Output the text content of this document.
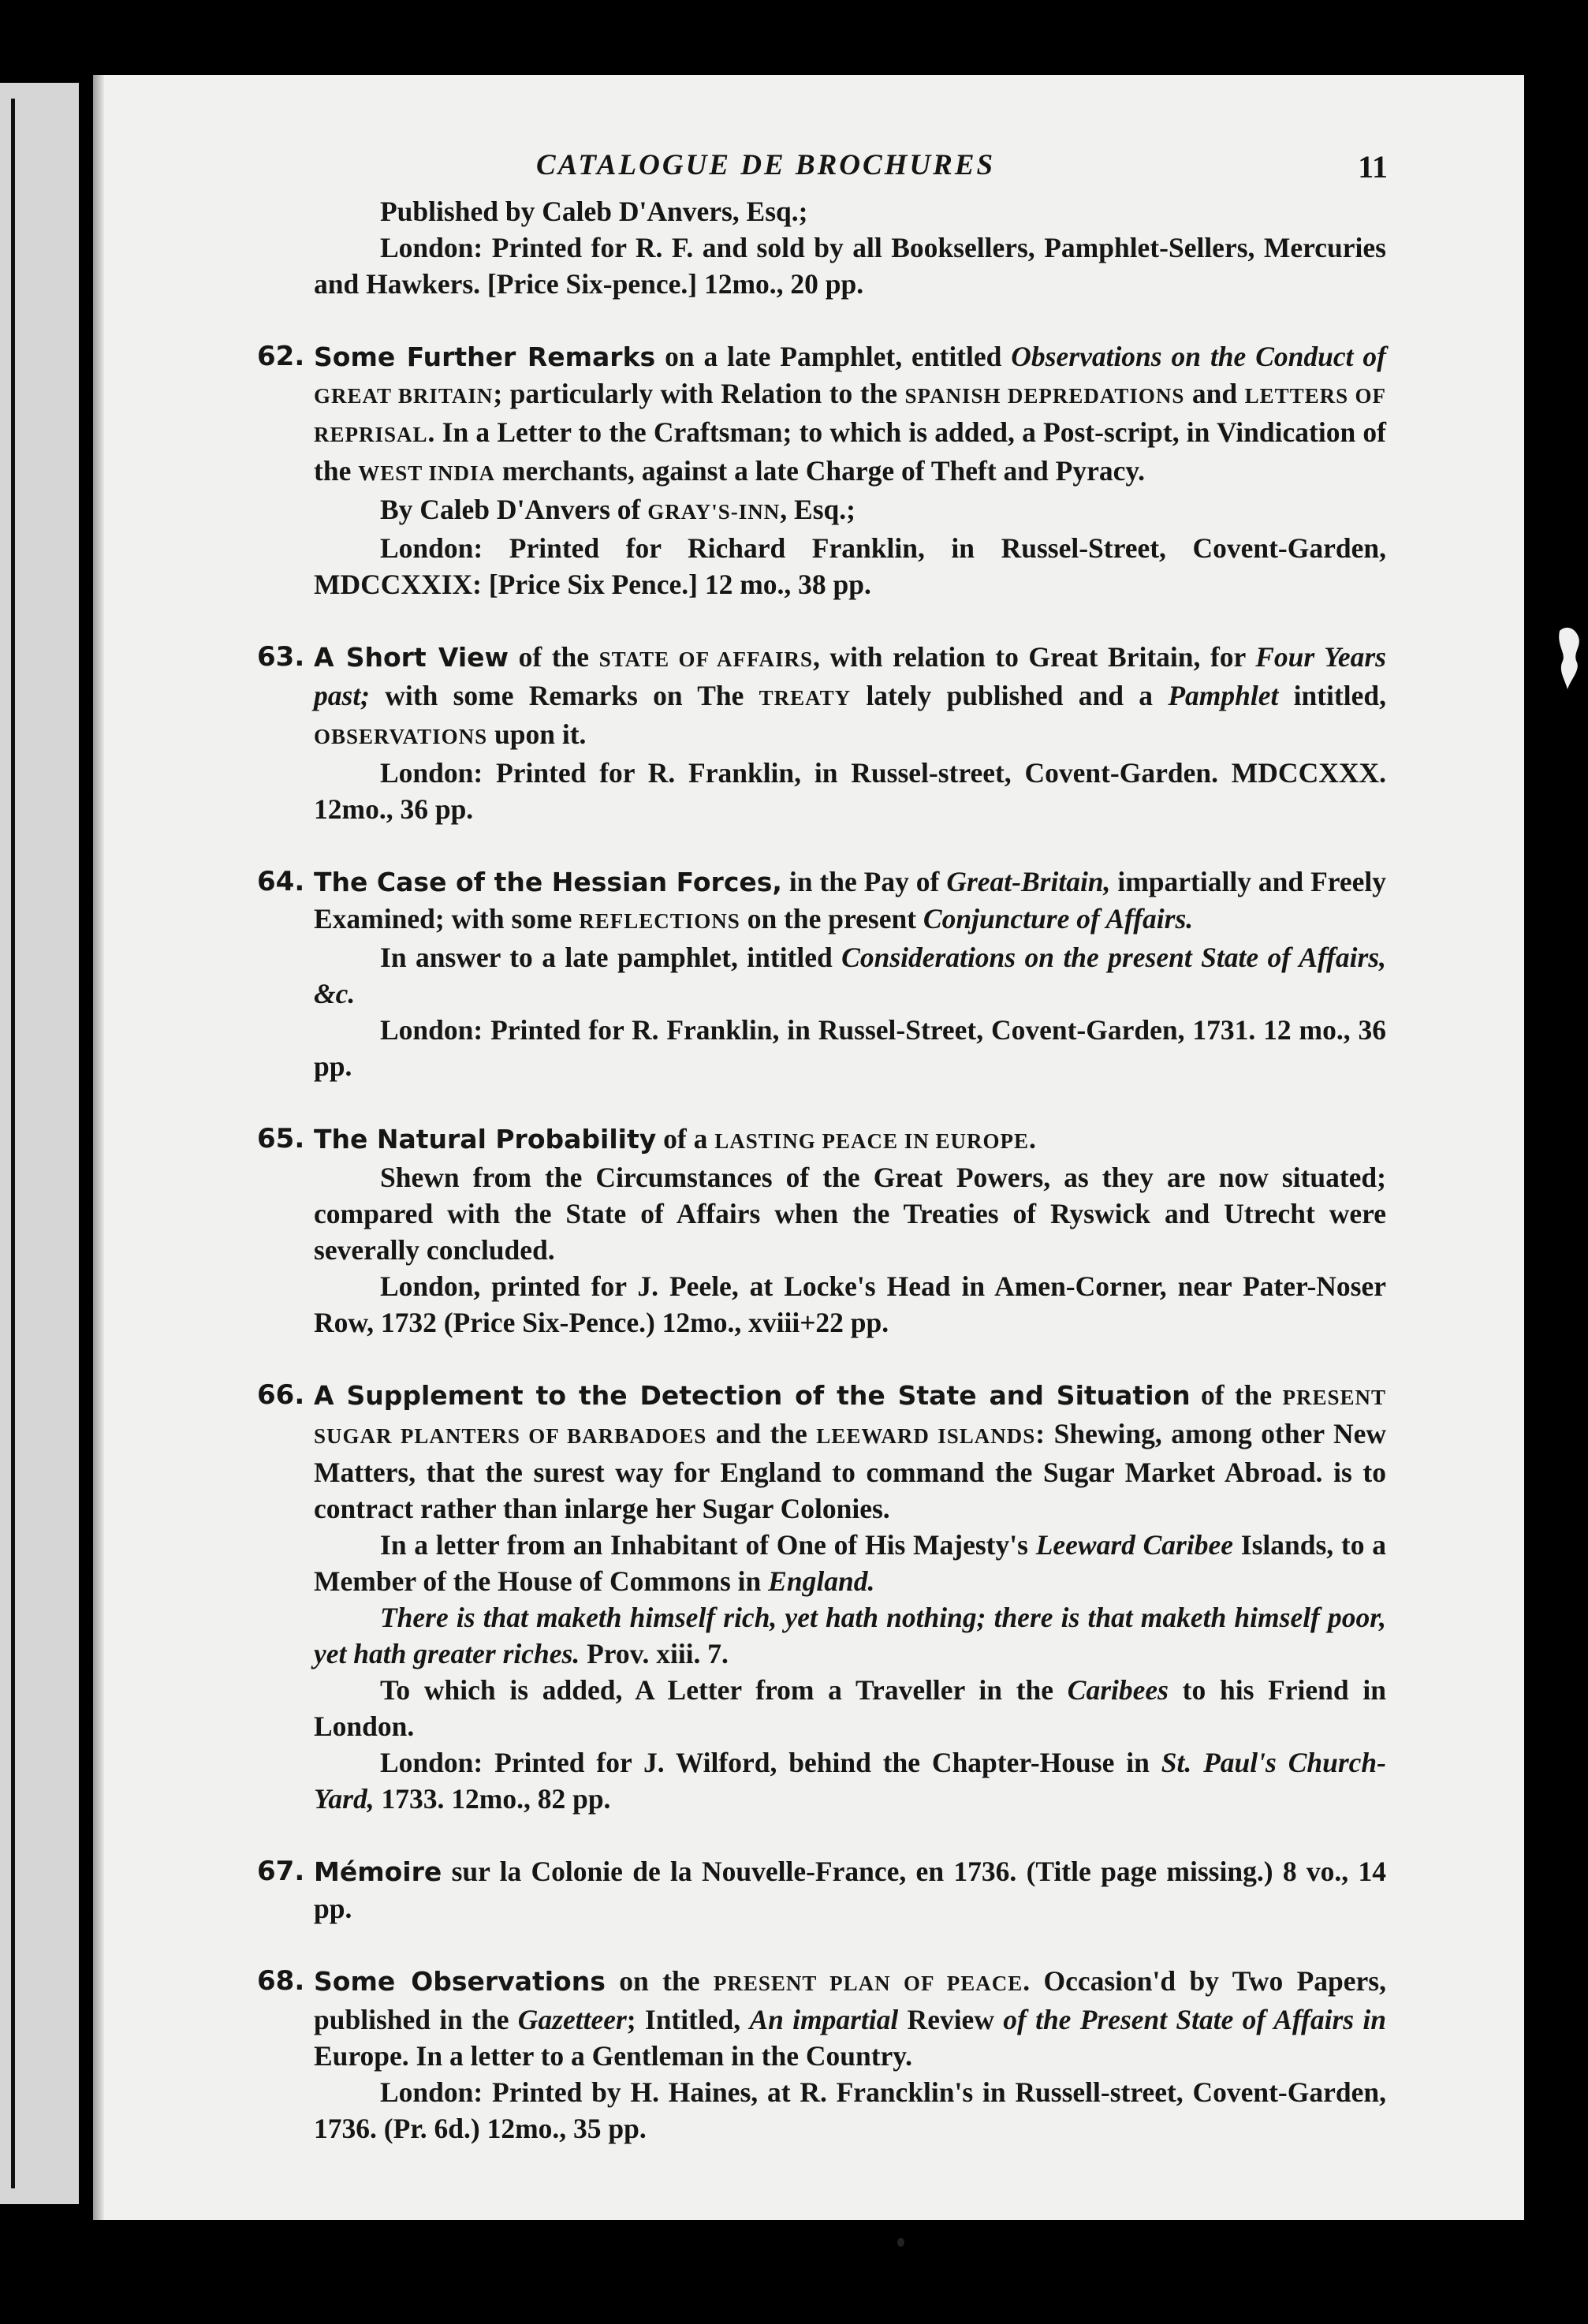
CATALOGUE DE BROCHURES	11

Published by Caleb D'Anvers, Esq.;

London: Printed for R. F. and sold by all Booksellers, Pamphlet-Sellers, Mercuries and Hawkers. [Price Six-pence.] 12mo., 20 pp.

62. Some Further Remarks on a late Pamphlet, entitled Observations on the Conduct of GREAT BRITAIN; particularly with Relation to the SPANISH DEPREDATIONS and LETTERS OF REPRISAL. In a Letter to the Craftsman; to which is added, a Post-script, in Vindication of the WEST INDIA merchants, against a late Charge of Theft and Pyracy.

By Caleb D'Anvers of GRAY'S-INN, Esq.;

London: Printed for Richard Franklin, in Russel-Street, Covent-Garden, MDCCXXIX: [Price Six Pence.] 12 mo., 38 pp.

63. A Short View of the STATE OF AFFAIRS, with relation to Great Britain, for Four Years past; with some Remarks on The TREATY lately published and a Pamphlet intitled, OBSERVATIONS upon it.

London: Printed for R. Franklin, in Russel-street, Covent-Garden. MDCCXXX. 12mo., 36 pp.

64. The Case of the Hessian Forces, in the Pay of Great-Britain, impartially and Freely Examined; with some REFLECTIONS on the present Conjuncture of Affairs.

In answer to a late pamphlet, intitled Considerations on the present State of Affairs, &c.

London: Printed for R. Franklin, in Russel-Street, Covent-Garden, 1731. 12 mo., 36 pp.

65. The Natural Probability of a LASTING PEACE IN EUROPE.

Shewn from the Circumstances of the Great Powers, as they are now situated; compared with the State of Affairs when the Treaties of Ryswick and Utrecht were severally concluded.

London, printed for J. Peele, at Locke's Head in Amen-Corner, near Pater-Noser Row, 1732 (Price Six-Pence.) 12mo., xviii+22 pp.

66. A Supplement to the Detection of the State and Situation of the PRESENT SUGAR PLANTERS OF BARBADOES and the LEEWARD ISLANDS: Shewing, among other New Matters, that the surest way for England to command the Sugar Market Abroad. is to contract rather than inlarge her Sugar Colonies.

In a letter from an Inhabitant of One of His Majesty's Leeward Caribee Islands, to a Member of the House of Commons in England.

There is that maketh himself rich, yet hath nothing; there is that maketh himself poor, yet hath greater riches. Prov. xiii. 7.

To which is added, A Letter from a Traveller in the Caribees to his Friend in London.

London: Printed for J. Wilford, behind the Chapter-House in St. Paul's Church-Yard, 1733. 12mo., 82 pp.

67. Mémoire sur la Colonie de la Nouvelle-France, en 1736. (Title page missing.) 8 vo., 14 pp.

68. Some Observations on the PRESENT PLAN OF PEACE. Occasion'd by Two Papers, published in the Gazetteer; Intitled, An impartial Review of the Present State of Affairs in Europe. In a letter to a Gentleman in the Country.

London: Printed by H. Haines, at R. Francklin's in Russell-street, Covent-Garden, 1736. (Pr. 6d.) 12mo., 35 pp.
